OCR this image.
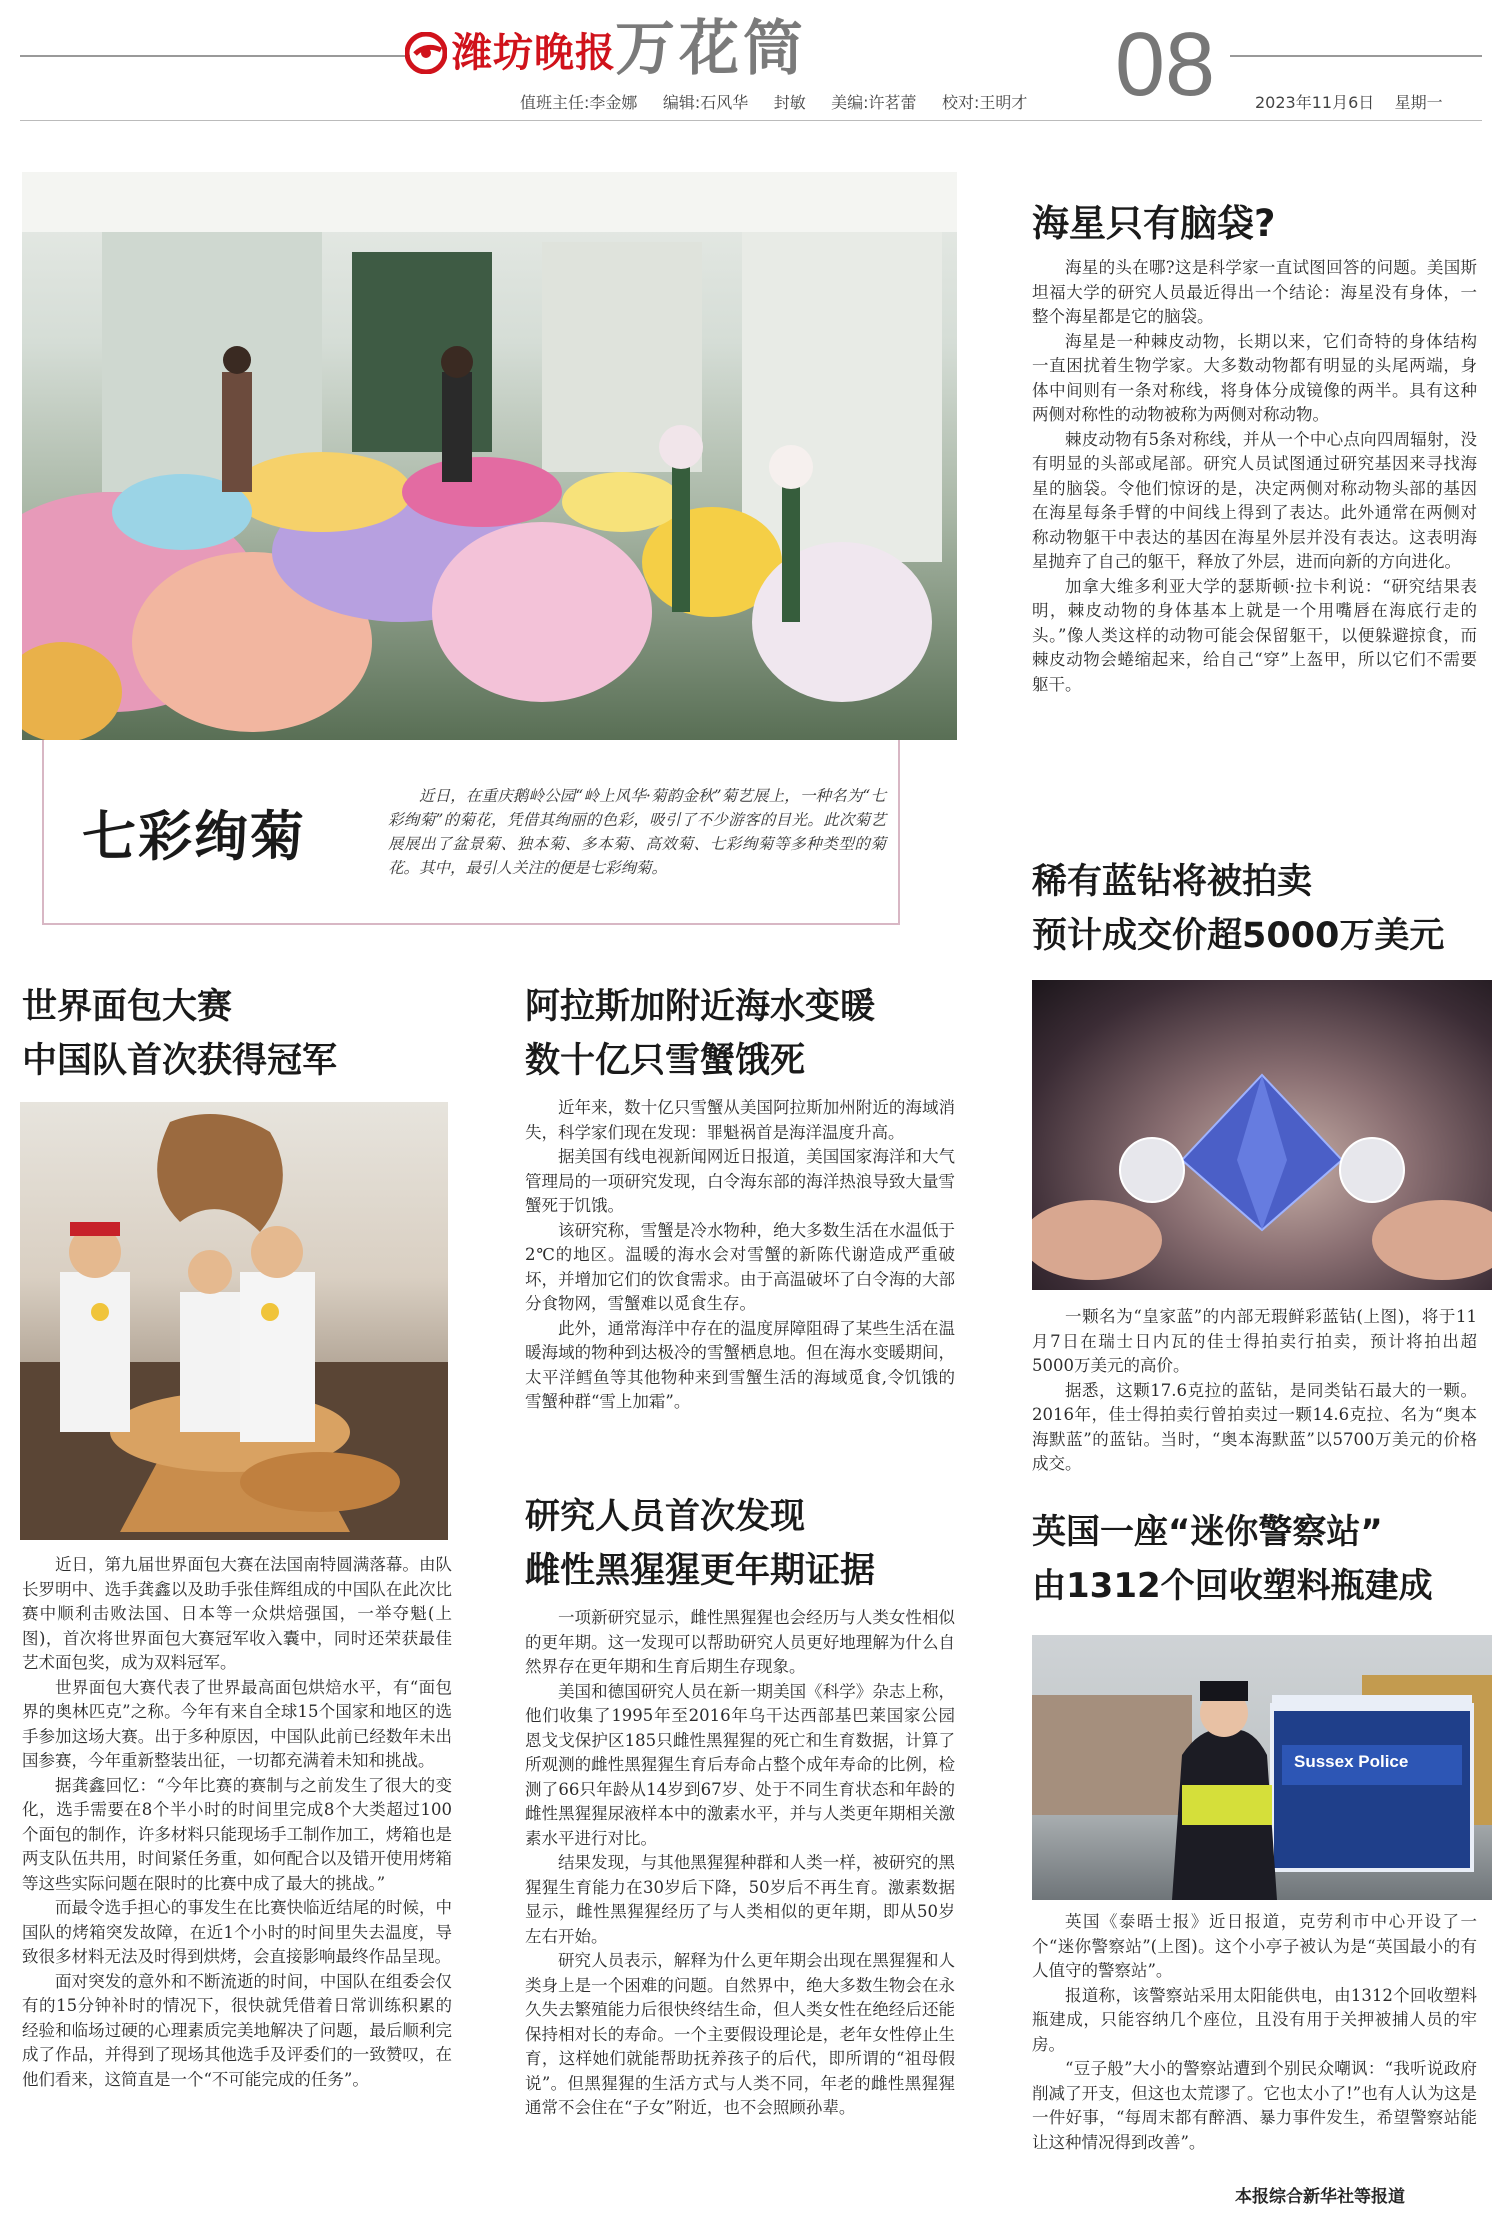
潍坊晚报 万花筒	08
值班主任:李金娜 编辑:石风华 封敏 美编:许茗蕾 校对:王明才	2023年11月6日 星期一
七彩绚菊
近日，在重庆鹅岭公园“岭上风华·菊韵金秋”菊艺展上，一种名为“七彩绚菊”的菊花，凭借其绚丽的色彩，吸引了不少游客的目光。此次菊艺展展出了盆景菊、独本菊、多本菊、高效菊、七彩绚菊等多种类型的菊花。其中，最引人关注的便是七彩绚菊。
海星只有脑袋?

海星的头在哪?这是科学家一直试图回答的问题。美国斯坦福大学的研究人员最近得出一个结论：海星没有身体，一整个海星都是它的脑袋。

海星是一种棘皮动物，长期以来，它们奇特的身体结构一直困扰着生物学家。大多数动物都有明显的头尾两端，身体中间则有一条对称线，将身体分成镜像的两半。具有这种两侧对称性的动物被称为两侧对称动物。

棘皮动物有5条对称线，并从一个中心点向四周辐射，没有明显的头部或尾部。研究人员试图通过研究基因来寻找海星的脑袋。令他们惊讶的是，决定两侧对称动物头部的基因在海星每条手臂的中间线上得到了表达。此外通常在两侧对称动物躯干中表达的基因在海星外层并没有表达。这表明海星抛弃了自己的躯干，释放了外层，进而向新的方向进化。

加拿大维多利亚大学的瑟斯顿·拉卡利说：“研究结果表明，棘皮动物的身体基本上就是一个用嘴唇在海底行走的头。”像人类这样的动物可能会保留躯干，以便躲避掠食，而棘皮动物会蜷缩起来，给自己“穿”上盔甲，所以它们不需要躯干。

稀有蓝钻将被拍卖
预计成交价超5000万美元

一颗名为“皇家蓝”的内部无瑕鲜彩蓝钻(上图)，将于11月7日在瑞士日内瓦的佳士得拍卖行拍卖，预计将拍出超5000万美元的高价。

据悉，这颗17.6克拉的蓝钻，是同类钻石最大的一颗。2016年，佳士得拍卖行曾拍卖过一颗14.6克拉、名为“奥本海默蓝”的蓝钻。当时，“奥本海默蓝”以5700万美元的价格成交。

英国一座“迷你警察站”
由1312个回收塑料瓶建成
Sussex Police

英国《泰晤士报》近日报道，克劳利市中心开设了一个“迷你警察站”(上图)。这个小亭子被认为是“英国最小的有人值守的警察站”。

报道称，该警察站采用太阳能供电，由1312个回收塑料瓶建成，只能容纳几个座位，且没有用于关押被捕人员的牢房。

“豆子般”大小的警察站遭到个别民众嘲讽：“我听说政府削减了开支，但这也太荒谬了。它也太小了!”也有人认为这是一件好事，“每周末都有醉酒、暴力事件发生，希望警察站能让这种情况得到改善”。

本报综合新华社等报道
世界面包大赛
中国队首次获得冠军

近日，第九届世界面包大赛在法国南特圆满落幕。由队长罗明中、选手龚鑫以及助手张佳辉组成的中国队在此次比赛中顺利击败法国、日本等一众烘焙强国，一举夺魁(上图)，首次将世界面包大赛冠军收入囊中，同时还荣获最佳艺术面包奖，成为双料冠军。

世界面包大赛代表了世界最高面包烘焙水平，有“面包界的奥林匹克”之称。今年有来自全球15个国家和地区的选手参加这场大赛。出于多种原因，中国队此前已经数年未出国参赛，今年重新整装出征，一切都充满着未知和挑战。

据龚鑫回忆：“今年比赛的赛制与之前发生了很大的变化，选手需要在8个半小时的时间里完成8个大类超过100个面包的制作，许多材料只能现场手工制作加工，烤箱也是两支队伍共用，时间紧任务重，如何配合以及错开使用烤箱等这些实际问题在限时的比赛中成了最大的挑战。”

而最令选手担心的事发生在比赛快临近结尾的时候，中国队的烤箱突发故障，在近1个小时的时间里失去温度，导致很多材料无法及时得到烘烤，会直接影响最终作品呈现。

面对突发的意外和不断流逝的时间，中国队在组委会仅有的15分钟补时的情况下，很快就凭借着日常训练积累的经验和临场过硬的心理素质完美地解决了问题，最后顺利完成了作品，并得到了现场其他选手及评委们的一致赞叹，在他们看来，这简直是一个“不可能完成的任务”。

阿拉斯加附近海水变暖
数十亿只雪蟹饿死

近年来，数十亿只雪蟹从美国阿拉斯加州附近的海域消失，科学家们现在发现：罪魁祸首是海洋温度升高。

据美国有线电视新闻网近日报道，美国国家海洋和大气管理局的一项研究发现，白令海东部的海洋热浪导致大量雪蟹死于饥饿。

该研究称，雪蟹是冷水物种，绝大多数生活在水温低于2℃的地区。温暖的海水会对雪蟹的新陈代谢造成严重破坏，并增加它们的饮食需求。由于高温破坏了白令海的大部分食物网，雪蟹难以觅食生存。

此外，通常海洋中存在的温度屏障阻碍了某些生活在温暖海域的物种到达极冷的雪蟹栖息地。但在海水变暖期间，太平洋鳕鱼等其他物种来到雪蟹生活的海域觅食,令饥饿的雪蟹种群“雪上加霜”。

研究人员首次发现
雌性黑猩猩更年期证据

一项新研究显示，雌性黑猩猩也会经历与人类女性相似的更年期。这一发现可以帮助研究人员更好地理解为什么自然界存在更年期和生育后期生存现象。

美国和德国研究人员在新一期美国《科学》杂志上称，他们收集了1995年至2016年乌干达西部基巴莱国家公园恩戈戈保护区185只雌性黑猩猩的死亡和生育数据，计算了所观测的雌性黑猩猩生育后寿命占整个成年寿命的比例，检测了66只年龄从14岁到67岁、处于不同生育状态和年龄的雌性黑猩猩尿液样本中的激素水平，并与人类更年期相关激素水平进行对比。

结果发现，与其他黑猩猩种群和人类一样，被研究的黑猩猩生育能力在30岁后下降，50岁后不再生育。激素数据显示，雌性黑猩猩经历了与人类相似的更年期，即从50岁左右开始。

研究人员表示，解释为什么更年期会出现在黑猩猩和人类身上是一个困难的问题。自然界中，绝大多数生物会在永久失去繁殖能力后很快终结生命，但人类女性在绝经后还能保持相对长的寿命。一个主要假设理论是，老年女性停止生育，这样她们就能帮助抚养孩子的后代，即所谓的“祖母假说”。但黑猩猩的生活方式与人类不同，年老的雌性黑猩猩通常不会住在“子女”附近，也不会照顾孙辈。
